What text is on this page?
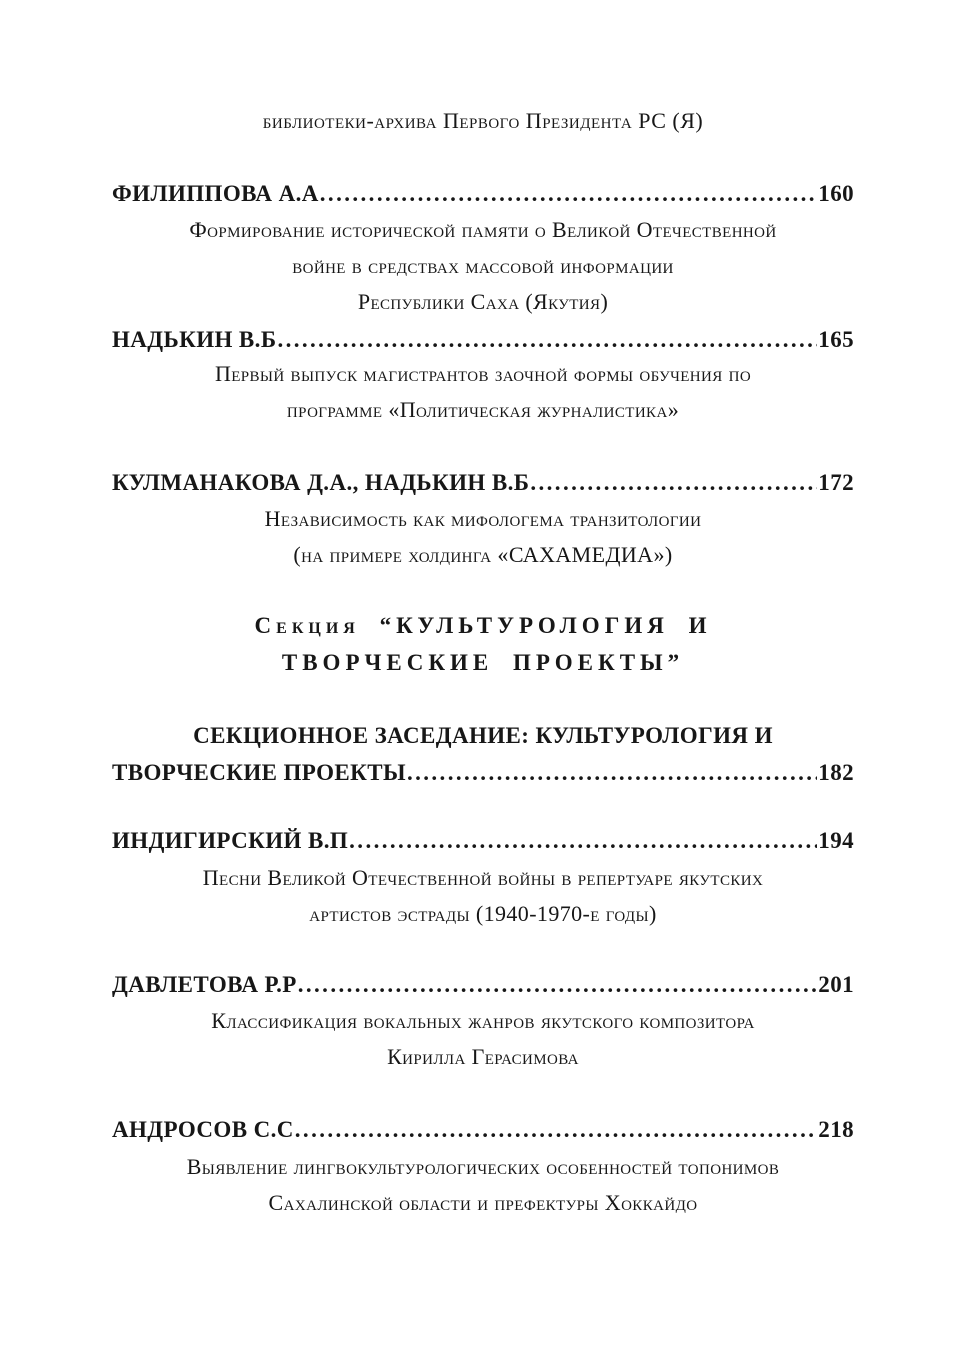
библиотеки-архива Первого Президента РС (Я)
ФИЛИППОВА А.А .....	160
Формирование исторической памяти о Великой Отечественной
войне в средствах массовой информации
Республики Саха (Якутия)
НАДЬКИН В.Б .....	165
Первый выпуск магистрантов заочной формы обучения по
программе «Политическая журналистика»
КУЛМАНАКОВА Д.А., НАДЬКИН В.Б .....	172
Независимость как мифологема транзитологии
(на примере холдинга «САХАМЕДИА»)
Секция “КУЛЬТУРОЛОГИЯ И
ТВОРЧЕСКИЕ ПРОЕКТЫ”
СЕКЦИОННОЕ ЗАСЕДАНИЕ: КУЛЬТУРОЛОГИЯ И
ТВОРЧЕСКИЕ ПРОЕКТЫ .....	182
ИНДИГИРСКИЙ В.П .....	194
Песни Великой Отечественной войны в репертуаре якутских
артистов эстрады (1940-1970-е годы)
ДАВЛЕТОВА Р.Р .....	201
Классификация вокальных жанров якутского композитора
Кирилла Герасимова
АНДРОСОВ С.С .....	218
Выявление лингвокультурологических особенностей топонимов
Сахалинской области и префектуры Хоккайдо
